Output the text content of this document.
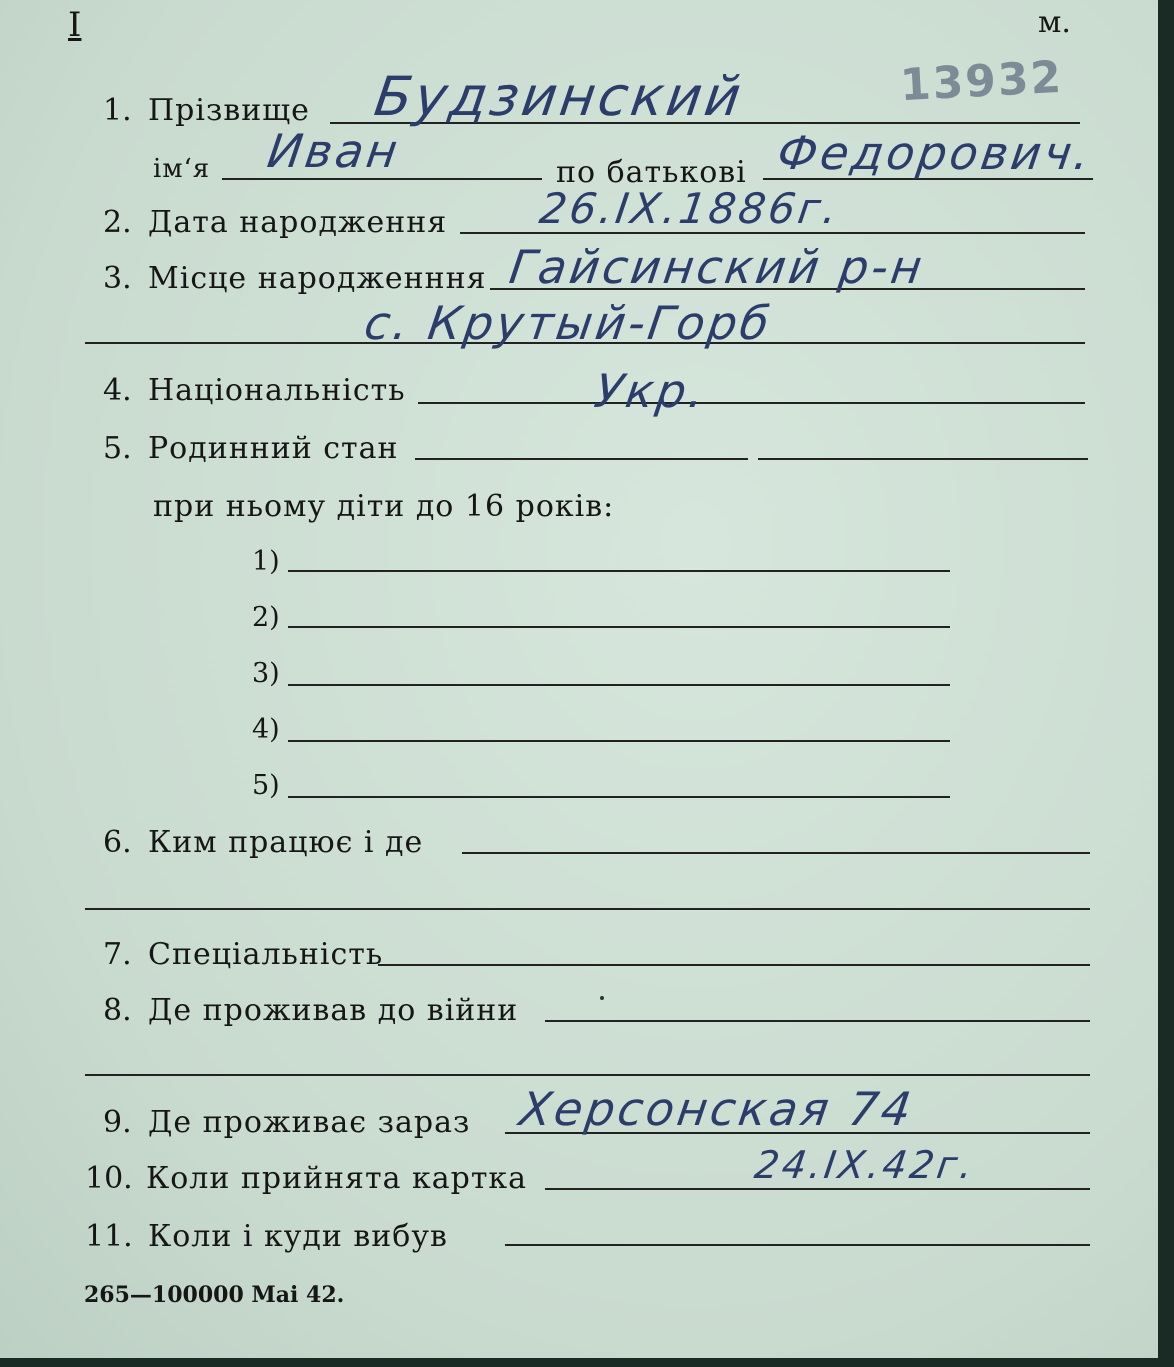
I	м.
13932
1. Прізвище Будзинский
ім‘я Иван	по батькові Федорович.
2. Дата народження 26.IX.1886г.
3. Місце народженння Гайсинский р-н
с. Крутый-Горб
4. Національність	Укр.
5. Родинний стан
при ньому діти до 16 років:
1)
2)
3)
4)
5)
6. Ким працює і де
7. Спеціальність
8. Де проживав до війни
9. Де проживає зараз Херсонская 74
10. Коли прийнята картка	24.IX.42г.
11. Коли і куди вибув
265—100000 Mai 42.
